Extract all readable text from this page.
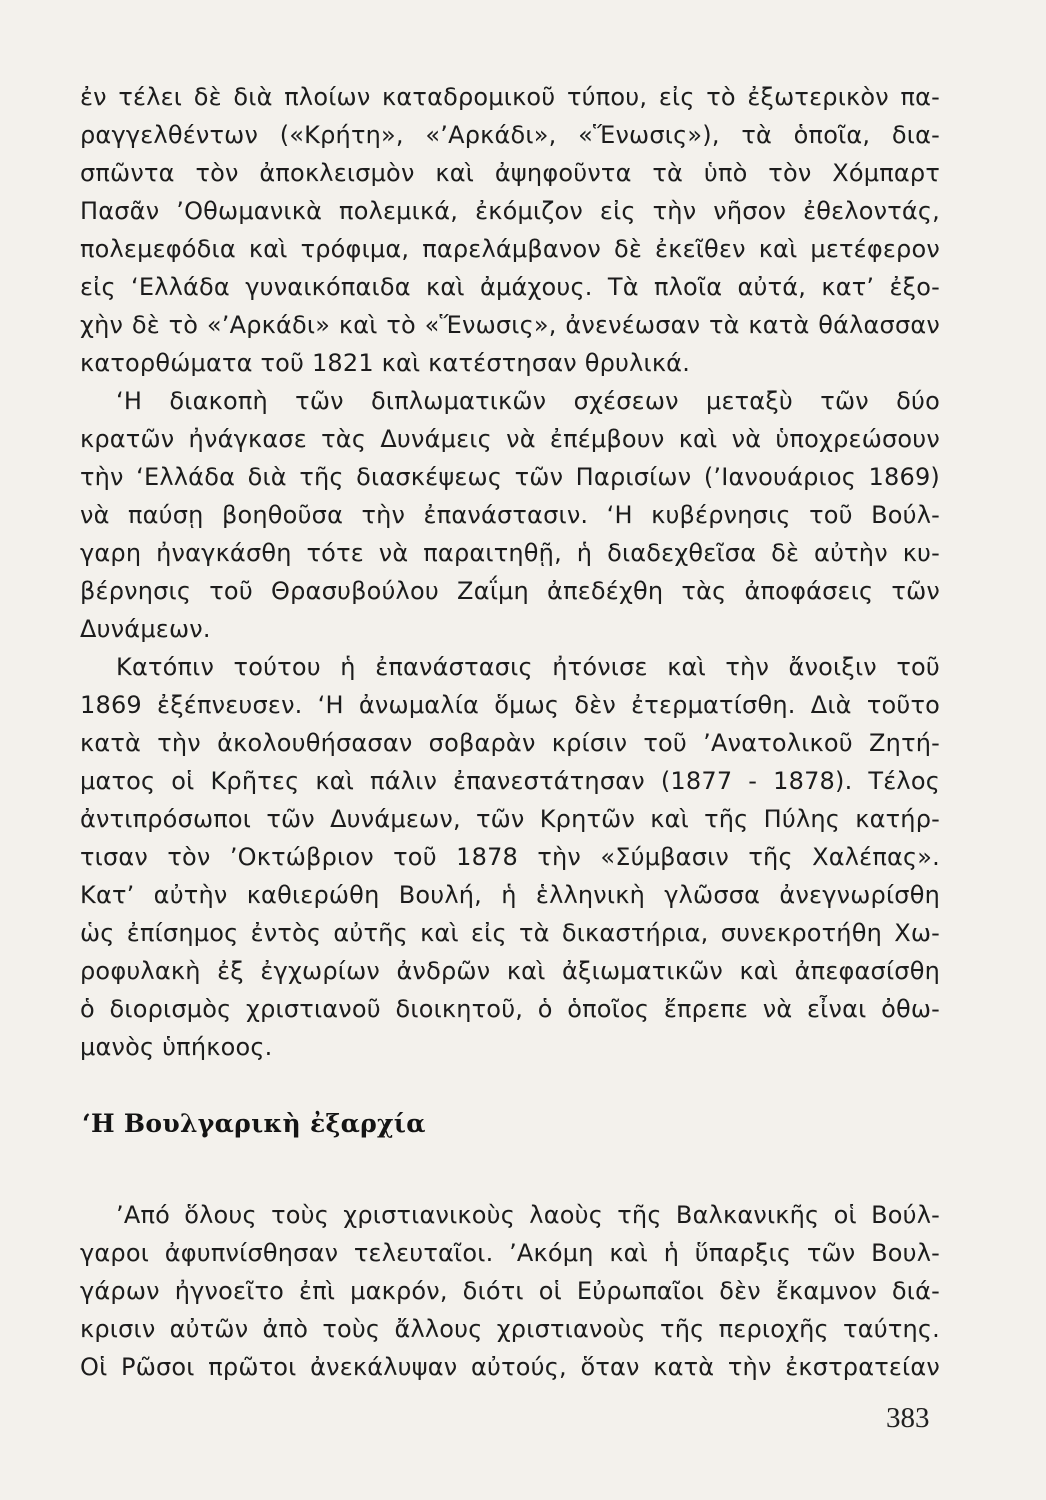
ἐν τέλει δὲ διὰ πλοίων καταδρομικοῦ τύπου, εἰς τὸ ἐξωτερικὸν πα-
ραγγελθέντων («Κρήτη», «’Αρκάδι», «Ἕνωσις»), τὰ ὁποῖα, δια-
σπῶντα τὸν ἀποκλεισμὸν καὶ ἀψηφοῦντα τὰ ὑπὸ τὸν Χόμπαρτ
Πασᾶν ’Οθωμανικὰ πολεμικά, ἐκόμιζον εἰς τὴν νῆσον ἐθελοντάς,
πολεμεφόδια καὶ τρόφιμα, παρελάμβανον δὲ ἐκεῖθεν καὶ μετέφερον
εἰς ‘Ελλάδα γυναικόπαιδα καὶ ἀμάχους. Τὰ πλοῖα αὐτά, κατ’ ἐξο-
χὴν δὲ τὸ «’Αρκάδι» καὶ τὸ «Ἕνωσις», ἀνενέωσαν τὰ κατὰ θάλασσαν
κατορθώματα τοῦ 1821 καὶ κατέστησαν θρυλικά.
‘Η διακοπὴ τῶν διπλωματικῶν σχέσεων μεταξὺ τῶν δύο
κρατῶν ἠνάγκασε τὰς Δυνάμεις νὰ ἐπέμβουν καὶ νὰ ὑποχρεώσουν
τὴν ‘Ελλάδα διὰ τῆς διασκέψεως τῶν Παρισίων (’Ιανουάριος 1869)
νὰ παύσῃ βοηθοῦσα τὴν ἐπανάστασιν. ‘Η κυβέρνησις τοῦ Βούλ-
γαρη ἠναγκάσθη τότε νὰ παραιτηθῇ, ἡ διαδεχθεῖσα δὲ αὐτὴν κυ-
βέρνησις τοῦ Θρασυβούλου Ζαΐμη ἀπεδέχθη τὰς ἀποφάσεις τῶν
Δυνάμεων.
Κατόπιν τούτου ἡ ἐπανάστασις ἠτόνισε καὶ τὴν ἄνοιξιν τοῦ
1869 ἐξέπνευσεν. ‘Η ἀνωμαλία ὅμως δὲν ἐτερματίσθη. Διὰ τοῦτο
κατὰ τὴν ἀκολουθήσασαν σοβαρὰν κρίσιν τοῦ ’Ανατολικοῦ Ζητή-
ματος οἱ Κρῆτες καὶ πάλιν ἐπανεστάτησαν (1877 - 1878). Τέλος
ἀντιπρόσωποι τῶν Δυνάμεων, τῶν Κρητῶν καὶ τῆς Πύλης κατήρ-
τισαν τὸν ’Οκτώβριον τοῦ 1878 τὴν «Σύμβασιν τῆς Χαλέπας».
Κατ’ αὐτὴν καθιερώθη Βουλή, ἡ ἑλληνικὴ γλῶσσα ἀνεγνωρίσθη
ὡς ἐπίσημος ἐντὸς αὐτῆς καὶ εἰς τὰ δικαστήρια, συνεκροτήθη Χω-
ροφυλακὴ ἐξ ἐγχωρίων ἀνδρῶν καὶ ἀξιωματικῶν καὶ ἀπεφασίσθη
ὁ διορισμὸς χριστιανοῦ διοικητοῦ, ὁ ὁποῖος ἔπρεπε νὰ εἶναι ὀθω-
μανὸς ὑπήκοος.
‘Η Βουλγαρικὴ ἐξαρχία
’Από ὅλους τοὺς χριστιανικοὺς λαοὺς τῆς Βαλκανικῆς οἱ Βούλ-
γαροι ἀφυπνίσθησαν τελευταῖοι. ’Ακόμη καὶ ἡ ὕπαρξις τῶν Βουλ-
γάρων ἠγνοεῖτο ἐπὶ μακρόν, διότι οἱ Εὐρωπαῖοι δὲν ἔκαμνον διά-
κρισιν αὐτῶν ἀπὸ τοὺς ἄλλους χριστιανοὺς τῆς περιοχῆς ταύτης.
Οἱ Ρῶσοι πρῶτοι ἀνεκάλυψαν αὐτούς, ὅταν κατὰ τὴν ἐκστρατείαν
383
